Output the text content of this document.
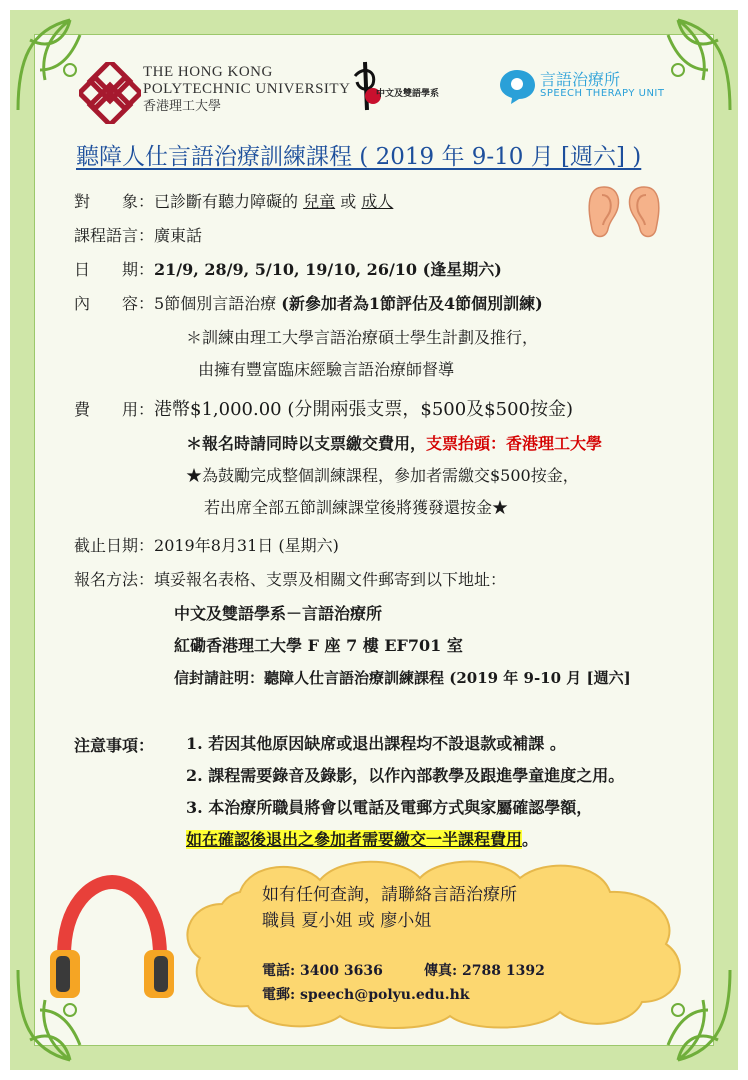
THE HONG KONG
POLYTECHNIC UNIVERSITY
香港理工大學
中文及雙語學系
言語治療所
SPEECH THERAPY UNIT
聽障人仕言語治療訓練課程 ( 2019 年 9-10 月 [週六] )
對　　象：已診斷有聽力障礙的 兒童 或 成人
課程語言：廣東話
日　　期：21/9, 28/9, 5/10, 19/10, 26/10 (逢星期六)
內　　容：5節個別言語治療 (新參加者為1節評估及4節個別訓練)
＊訓練由理工大學言語治療碩士學生計劃及推行，
由擁有豐富臨床經驗言語治療師督導
費　　用：港幣$1,000.00 (分開兩張支票，$500及$500按金)
＊報名時請同時以支票繳交費用，支票抬頭：香港理工大學
★為鼓勵完成整個訓練課程，參加者需繳交$500按金，
若出席全部五節訓練課堂後將獲發還按金★
截止日期：2019年8月31日 (星期六)
報名方法：填妥報名表格、支票及相關文件郵寄到以下地址：
中文及雙語學系－言語治療所
紅磡香港理工大學 F 座 7 樓 EF701 室
信封請註明：聽障人仕言語治療訓練課程 (2019 年 9-10 月 [週六]
注意事項： 1. 若因其他原因缺席或退出課程均不設退款或補課 。
2. 課程需要錄音及錄影，以作內部教學及跟進學童進度之用。
3. 本治療所職員將會以電話及電郵方式與家屬確認學額，
如在確認後退出之參加者需要繳交一半課程費用。
如有任何查詢，請聯絡言語治療所
職員 夏小姐 或 廖小姐
電話: 3400 3636	傳真: 2788 1392
電郵: speech@polyu.edu.hk
